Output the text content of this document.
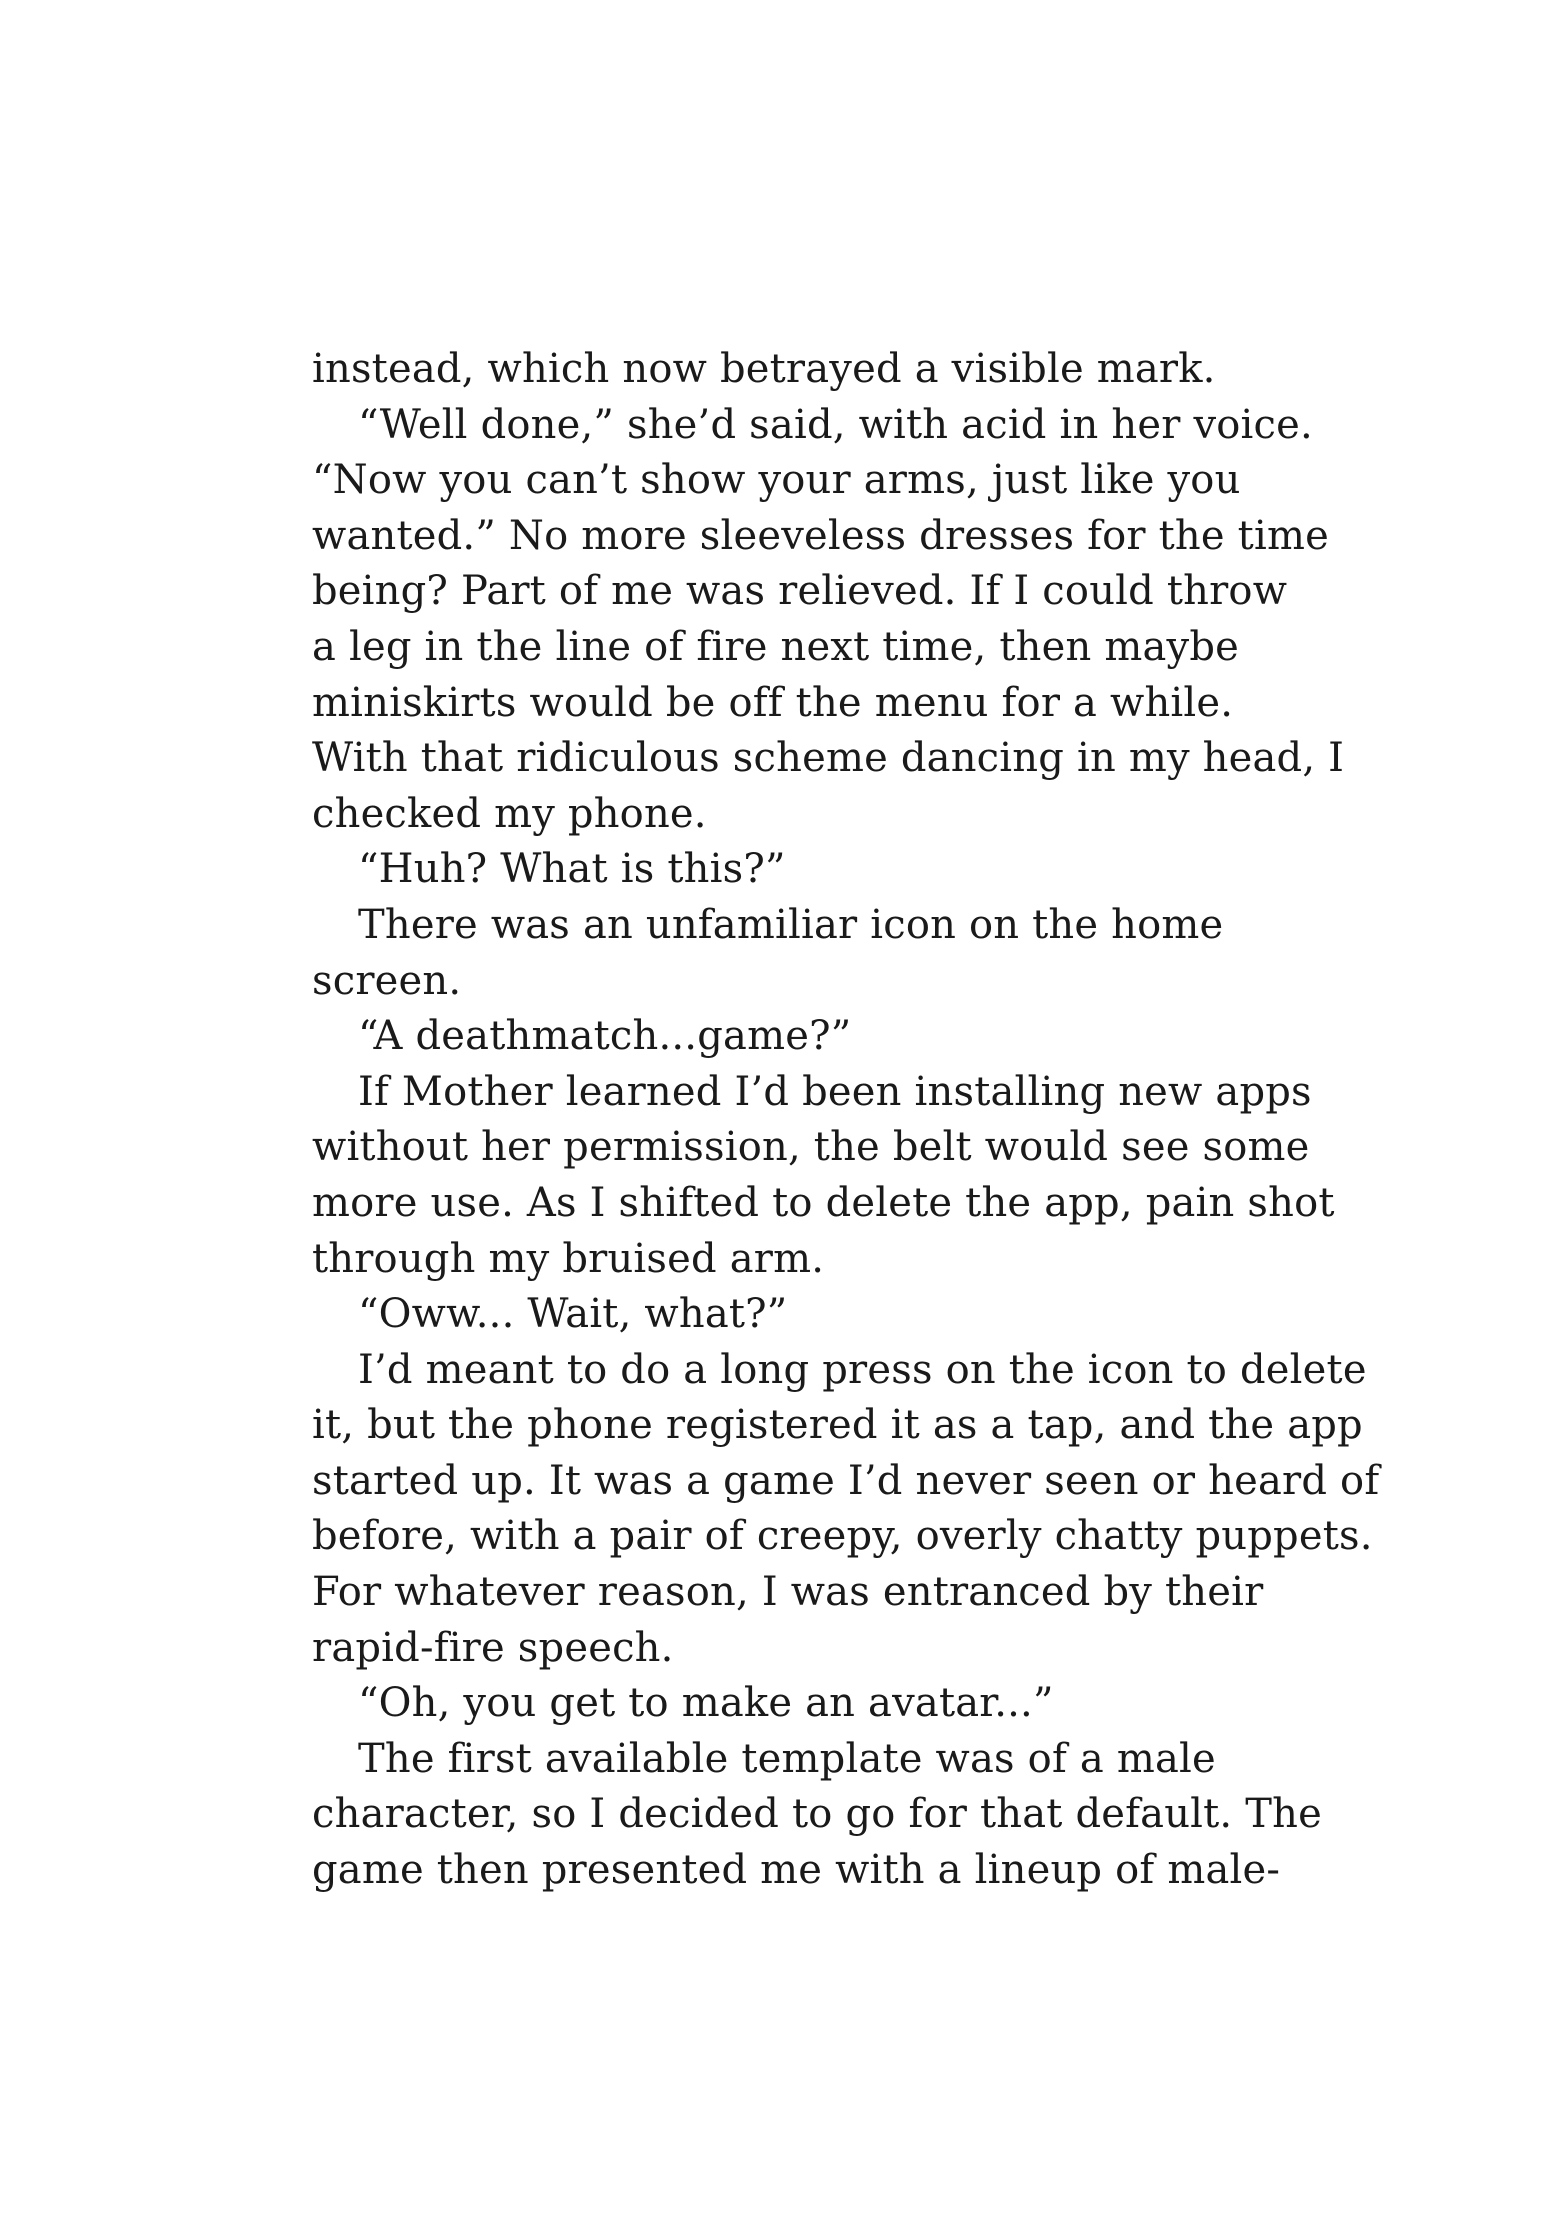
instead, which now betrayed a visible mark.
“Well done,” she’d said, with acid in her voice.
“Now you can’t show your arms, just like you
wanted.” No more sleeveless dresses for the time
being? Part of me was relieved. If I could throw
a leg in the line of fire next time, then maybe
miniskirts would be off the menu for a while.
With that ridiculous scheme dancing in my head, I
checked my phone.
“Huh? What is this?”
There was an unfamiliar icon on the home
screen.
“A deathmatch...game?”
If Mother learned I’d been installing new apps
without her permission, the belt would see some
more use. As I shifted to delete the app, pain shot
through my bruised arm.
“Oww... Wait, what?”
I’d meant to do a long press on the icon to delete
it, but the phone registered it as a tap, and the app
started up. It was a game I’d never seen or heard of
before, with a pair of creepy, overly chatty puppets.
For whatever reason, I was entranced by their
rapid-fire speech.
“Oh, you get to make an avatar...”
The first available template was of a male
character, so I decided to go for that default. The
game then presented me with a lineup of male-
